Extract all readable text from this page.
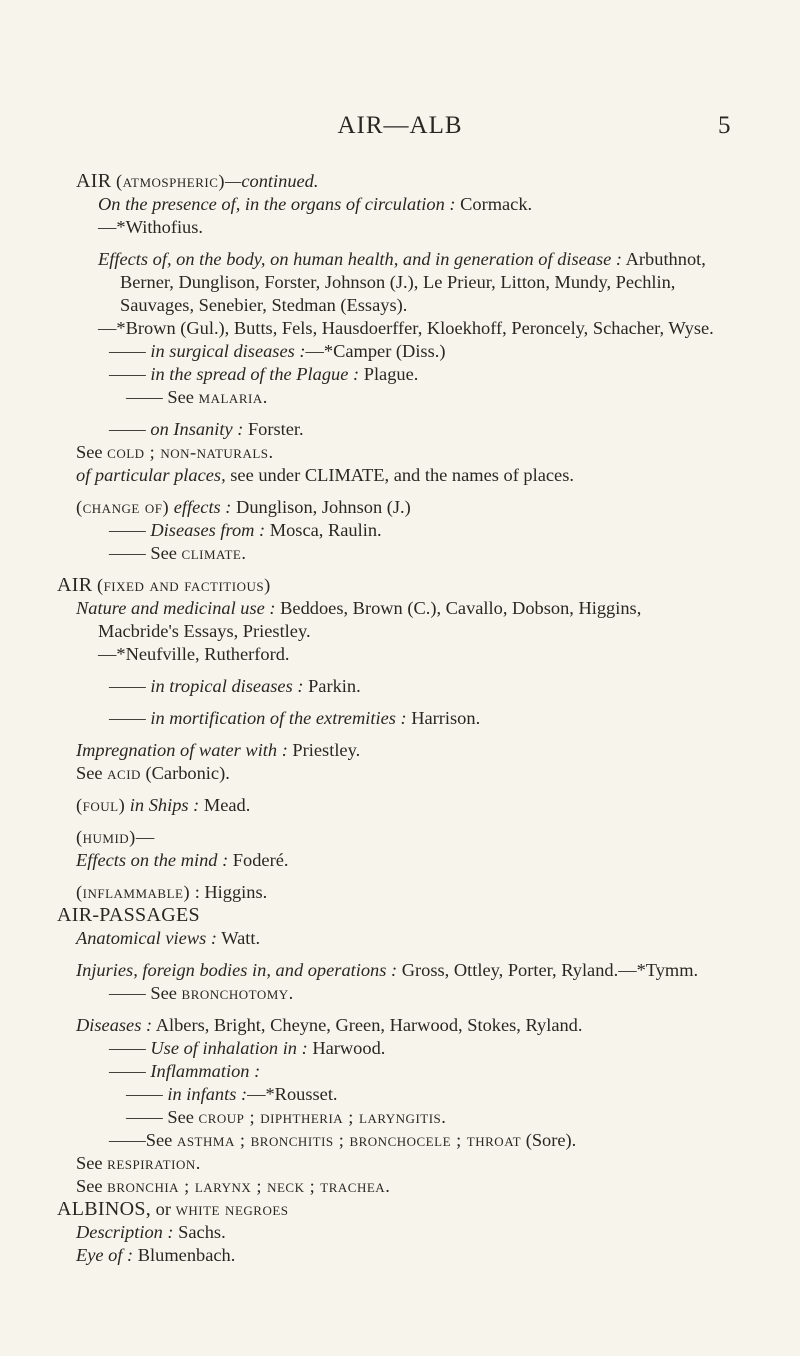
AIR—ALB	5

AIR (atmospheric)—continued.

On the presence of, in the organs of circulation : Cormack.

—*Withofius.

Effects of, on the body, on human health, and in generation of disease : Arbuthnot, Berner, Dunglison, Forster, Johnson (J.), Le Prieur, Litton, Mundy, Pechlin, Sauvages, Senebier, Stedman (Essays).

—*Brown (Gul.), Butts, Fels, Hausdoerffer, Kloekhoff, Peroncely, Schacher, Wyse.

—— in surgical diseases :—*Camper (Diss.)

—— in the spread of the Plague : Plague.

—— See malaria.

—— on Insanity : Forster.

See cold ; non-naturals.

of particular places, see under CLIMATE, and the names of places.

(change of) effects : Dunglison, Johnson (J.)

—— Diseases from : Mosca, Raulin.

—— See climate.

AIR (fixed and factitious)

Nature and medicinal use : Beddoes, Brown (C.), Cavallo, Dobson, Higgins, Macbride's Essays, Priestley.

—*Neufville, Rutherford.

—— in tropical diseases : Parkin.

—— in mortification of the extremities : Harrison.

Impregnation of water with : Priestley.

See acid (Carbonic).

(foul) in Ships : Mead.

(humid)—

Effects on the mind : Foderé.

(inflammable) : Higgins.

AIR-PASSAGES

Anatomical views : Watt.

Injuries, foreign bodies in, and operations : Gross, Ottley, Porter, Ryland.—*Tymm.

—— See bronchotomy.

Diseases : Albers, Bright, Cheyne, Green, Harwood, Stokes, Ryland.

—— Use of inhalation in : Harwood.

—— Inflammation :

—— in infants :—*Rousset.

—— See croup ; diphtheria ; laryngitis.

——See asthma ; bronchitis ; bronchocele ; throat (Sore).

See respiration.

See bronchia ; larynx ; neck ; trachea.

ALBINOS, or white negroes

Description : Sachs.

Eye of : Blumenbach.
